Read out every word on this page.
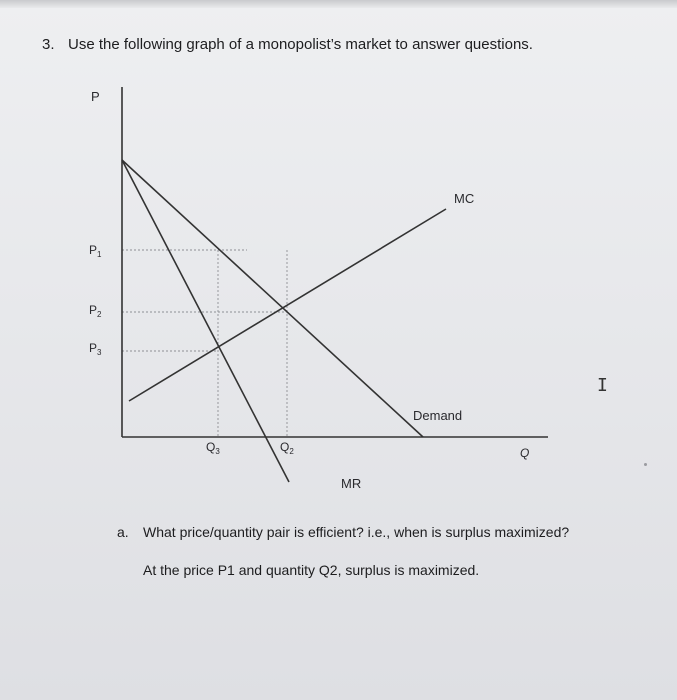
3. Use the following graph of a monopolist’s market to answer questions.
P
Q
$P_1$
$P_2$
$P_3$
$Q_3$	$Q_2$
MC
Demand
MR
a. What price/quantity pair is efficient? i.e., when is surplus maximized?
At the price P1 and quantity Q2, surplus is maximized.
I
